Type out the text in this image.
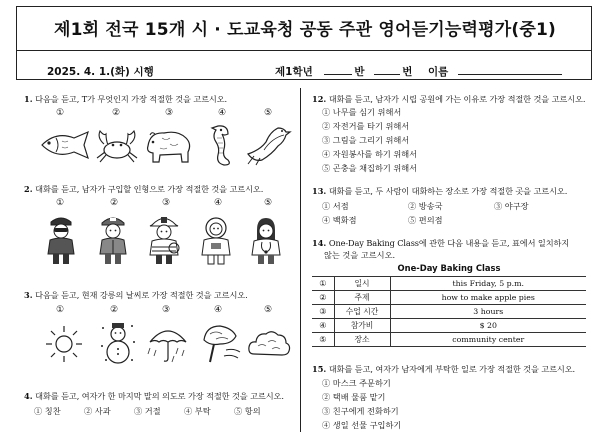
제1회 전국 15개 시 · 도교육청 공동 주관 영어듣기능력평가(중1)
2025. 4. 1.(화) 시행	제1학년	반	번 이름
1. 다음을 듣고, T가 무엇인지 가장 적절한 것을 고르시오.
①	②	③	④	⑤
2. 대화를 듣고, 남자가 구입할 인형으로 가장 적절한 것을 고르시오.
①	②	③	④	⑤
3. 다음을 듣고, 현재 강릉의 날씨로 가장 적절한 것을 고르시오.
①	②	③	④	⑤
4. 대화를 듣고, 여자가 한 마지막 말의 의도로 가장 적절한 것을 고르시오.
① 칭찬	② 사과	③ 거절	④ 부탁	⑤ 항의
12. 대화를 듣고, 남자가 시립 공원에 가는 이유로 가장 적절한 것을 고르시오.
① 나무를 심기 위해서
② 자전거를 타기 위해서
③ 그림을 그리기 위해서
④ 자원봉사를 하기 위해서
⑤ 곤충을 채집하기 위해서
13. 대화를 듣고, 두 사람이 대화하는 장소로 가장 적절한 곳을 고르시오.
① 서점	② 방송국	③ 야구장
④ 백화점	⑤ 편의점
14. One-Day Baking Class에 관한 다음 내용을 듣고, 표에서 일치하지
않는 것을 고르시오.
One-Day Baking Class
①	일시	this Friday, 5 p.m.
②	주제	how to make apple pies
③	수업 시간	3 hours
④	참가비	$ 20
⑤	장소	community center
15. 대화를 듣고, 여자가 남자에게 부탁한 일로 가장 적절한 것을 고르시오.
① 마스크 주문하기
② 택배 물품 맡기
③ 친구에게 전화하기
④ 생일 선물 구입하기
